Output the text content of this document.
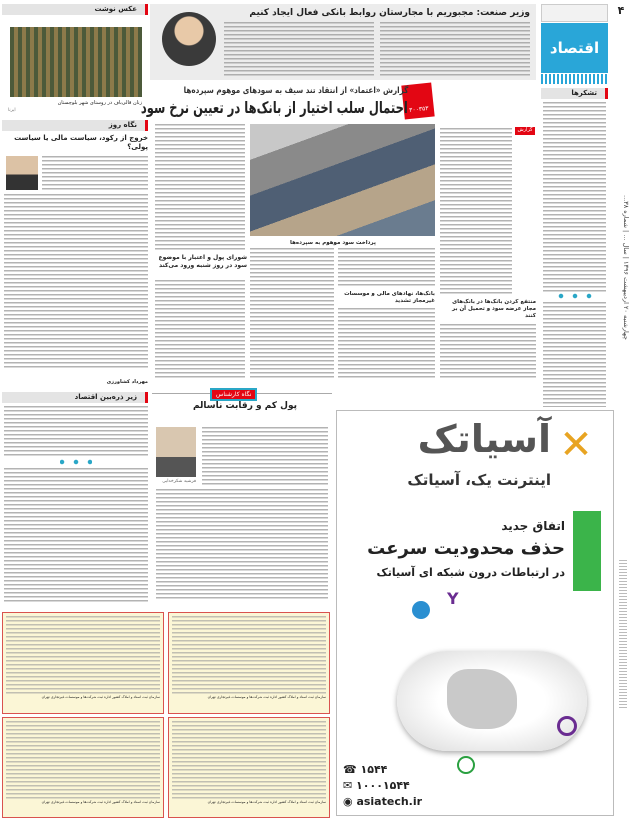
۴
چهارشنبه ۲۰ اردیبهشت ۱۳۹۶ | سال ... | شماره ۳۸...
اقتصاد
تشکرها
وزیر صنعت: مجبوریم با مجارستان روابط بانکی فعال ایجاد کنیم
۳۰۰۳۵۳
گزارش «اعتماد» از انتقاد تند سیف به سودهای موهوم سپرده‌ها
احتمال سلب اختیار از بانک‌ها در تعیین نرخ سود
گزارش
منتفع کردن بانک‌ها در بانک‌های مجاز عرضه سود و تحمیل آن بر کنند
پرداخت سود موهوم به سپرده‌ها
بانک‌ها، نهادهای مالی و موسسات غیرمجاز تشدید
شورای پول و اعتبار با موضوع سود در روز شنبه ورود می‌کند
نگاه کارشناس
پول کم و رقابت ناسالم
فرشید شکرخدایی
عکس نوشت
زنان قالی‌باف در روستای شهر بلوچستان
ایرنا
نگاه روز
خروج از رکود، سیاست مالی یا سیاست پولی؟
مهرداد کشاورزی
زیر ذره‌بین اقتصاد
✕
آسیاتک
اینترنت یک، آسیاتک
1
اتفاق جدید
حذف محدودیت سرعت
در ارتباطات درون شبکه ای آسیاتک
Y
☎ ۱۵۴۴
✉ ۱۰۰۰۱۵۴۴
◉ asiatech.ir
سازمان ثبت اسناد و املاک کشور اداره ثبت شرکت‌ها و موسسات غیرتجاری تهران
سازمان ثبت اسناد و املاک کشور اداره ثبت شرکت‌ها و موسسات غیرتجاری تهران
سازمان ثبت اسناد و املاک کشور اداره ثبت شرکت‌ها و موسسات غیرتجاری تهران
سازمان ثبت اسناد و املاک کشور اداره ثبت شرکت‌ها و موسسات غیرتجاری تهران
